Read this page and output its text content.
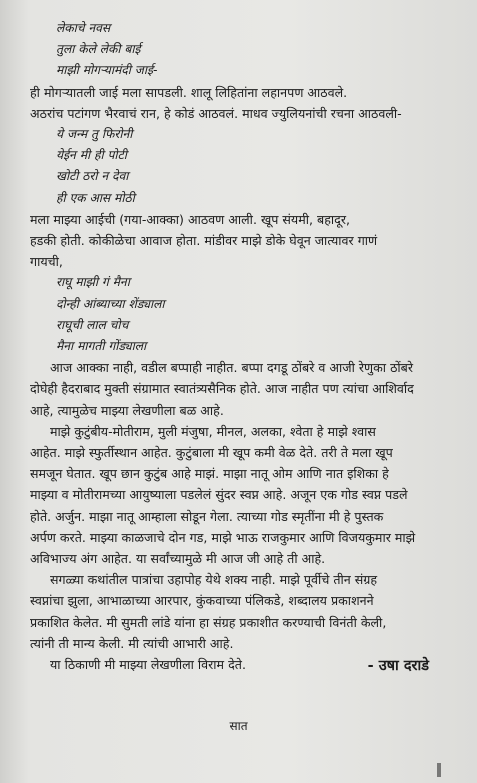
लेकाचे नवस
तुला केले लेकी बाई
माझी मोगऱ्यामंदी जाई-
ही मोगऱ्यातली जाई मला सापडली. शालू लिहितांना लहानपण आठवले.
अठरांच पटांगण भैरवाचं रान, हे कोडं आठवलं. माधव ज्युलियनांची रचना आठवली-
ये जन्म तु फिरोनी
येईन मी ही पोटी
खोटी ठरो न देवा
ही एक आस मोठी
मला माझ्या आईची (गया-आक्का) आठवण आली. खूप संयमी, बहादूर,
हडकी होती. कोकीळेचा आवाज होता. मांडीवर माझे डोके घेवून जात्यावर गाणं
गायची,
राघू माझी गं मैना
दोन्ही आंब्याच्या शेंड्याला
राघूची लाल चोच
मैना मागती गोंड्याला
आज आक्का नाही, वडील बप्पाही नाहीत. बप्पा दगडू ठोंबरे व आजी रेणुका ठोंबरे
दोघेही हैदराबाद मुक्ती संग्रामात स्वातंत्र्यसैनिक होते. आज नाहीत पण त्यांचा आशिर्वाद
आहे, त्यामुळेच माझ्या लेखणीला बळ आहे.
माझे कुटुंबीय-मोतीराम, मुली मंजुषा, मीनल, अलका, श्वेता हे माझे श्वास
आहेत. माझे स्फुर्तीस्थान आहेत. कुटुंबाला मी खूप कमी वेळ देते. तरी ते मला खूप
समजून घेतात. खूप छान कुटुंब आहे माझं. माझा नातू ओम आणि नात इशिका हे
माझ्या व मोतीरामच्या आयुष्याला पडलेलं सुंदर स्वप्न आहे. अजून एक गोड स्वप्न पडले
होते. अर्जुन. माझा नातू आम्हाला सोडून गेला. त्याच्या गोड स्मृतींना मी हे पुस्तक
अर्पण करते. माझ्या काळजाचे दोन गड, माझे भाऊ राजकुमार आणि विजयकुमार माझे
अविभाज्य अंग आहेत. या सर्वांच्यामुळे मी आज जी आहे ती आहे.
सगळ्या कथांतील पात्रांचा उहापोह येथे शक्य नाही. माझे पूर्वीचे तीन संग्रह
स्वप्नांचा झुला, आभाळाच्या आरपार, कुंकवाच्या पंलिकडे, शब्दालय प्रकाशनने
प्रकाशित केलेत. मी सुमती लांडे यांना हा संग्रह प्रकाशीत करण्याची विनंती केली,
त्यांनी ती मान्य केली. मी त्यांची आभारी आहे.
या ठिकाणी मी माझ्या लेखणीला विराम देते.	- उषा दराडे
सात
